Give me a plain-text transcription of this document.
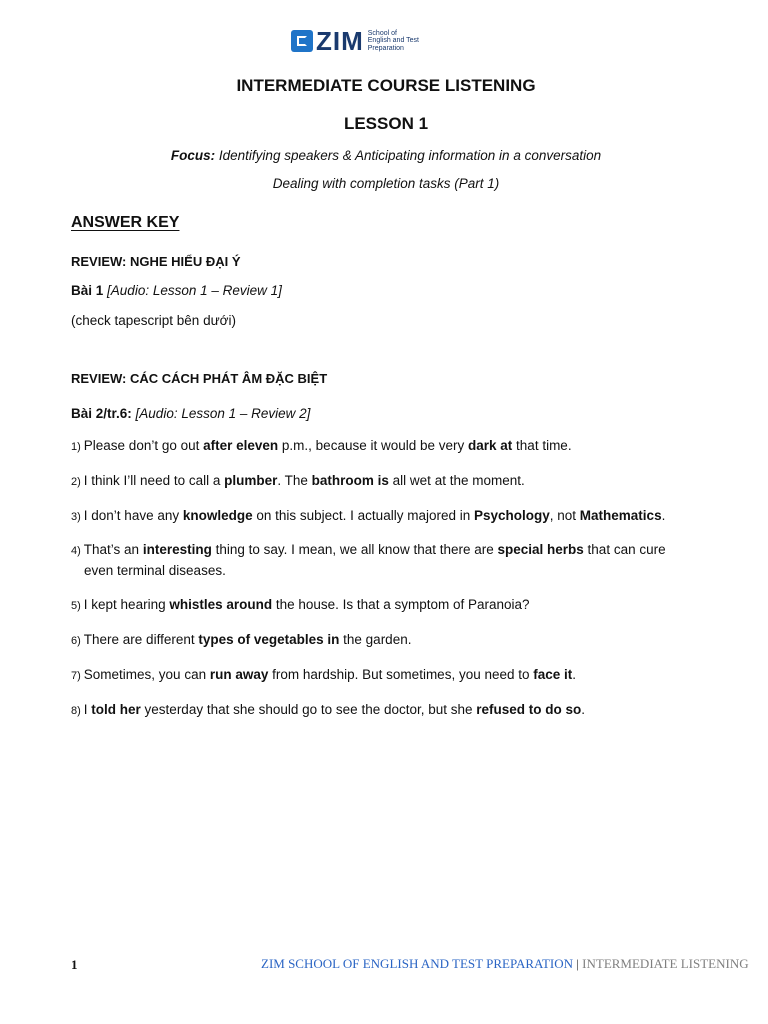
ZIM School of
English and Test
Preparation
INTERMEDIATE COURSE LISTENING
LESSON 1
Focus: Identifying speakers & Anticipating information in a conversation
Dealing with completion tasks (Part 1)
ANSWER KEY
REVIEW: NGHE HIỂU ĐẠI Ý
Bài 1 [Audio: Lesson 1 – Review 1]
(check tapescript bên dưới)
REVIEW: CÁC CÁCH PHÁT ÂM ĐẶC BIỆT
Bài 2/tr.6: [Audio: Lesson 1 – Review 2]
1) Please don’t go out after eleven p.m., because it would be very dark at that time.
2) I think I’ll need to call a plumber. The bathroom is all wet at the moment.
3) I don’t have any knowledge on this subject. I actually majored in Psychology, not Mathematics.
4) That’s an interesting thing to say. I mean, we all know that there are special herbs that can cure
even terminal diseases.
5) I kept hearing whistles around the house. Is that a symptom of Paranoia?
6) There are different types of vegetables in the garden.
7) Sometimes, you can run away from hardship. But sometimes, you need to face it.
8) I told her yesterday that she should go to see the doctor, but she refused to do so.
1	ZIM SCHOOL OF ENGLISH AND TEST PREPARATION | INTERMEDIATE LISTENING
